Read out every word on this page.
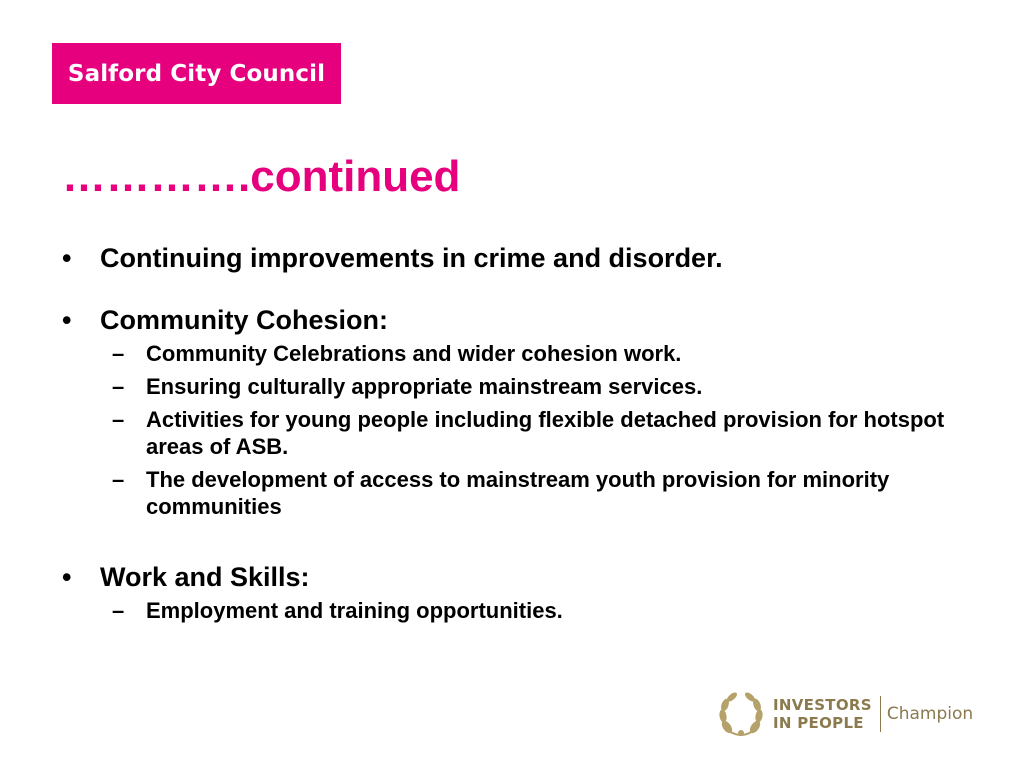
Salford City Council
………….continued
•	Continuing improvements in crime and disorder.
•	Community Cohesion:
– Community Celebrations and wider cohesion work.
– Ensuring culturally appropriate mainstream services.
– Activities for young people including flexible detached provision for hotspot areas of ASB.
– The development of access to mainstream youth provision for minority communities
•	Work and Skills:
– Employment and training opportunities.
INVESTORS
IN PEOPLE	Champion
